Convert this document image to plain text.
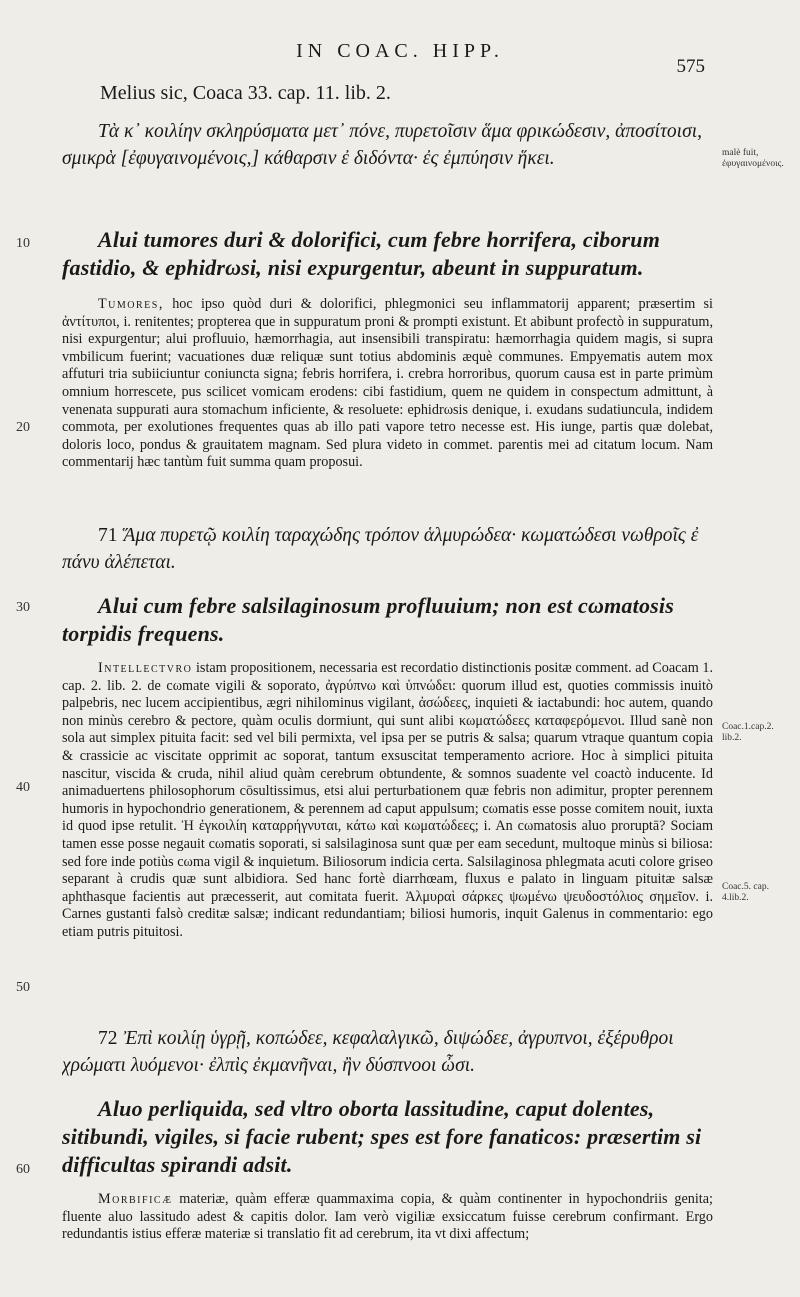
IN COAC. HIPP.
575
10
20
30
40
50
60
Melius sic, Coaca 33. cap. 11. lib. 2.

Τὰ κ᾽ κοιλίην σκληρύσματα μετ᾽ πόνε, πυρετοῖσιν ἅμα φρικώδεσιν, ἀποσίτοισι, σμικρὰ [ἐφυγαινομένοις,] κάθαρσιν ἐ διδόντα· ἐς ἐμπύησιν ἥκει.

Alui tumores duri & dolorifici, cum febre horrifera, ciborum fastidio, & ephidrωsi, nisi expurgentur, abeunt in suppuratum.

Tumores, hoc ipso quòd duri & dolorifici, phlegmonici seu inflammatorij apparent; præsertim si ἀντίτυποι, i. renitentes; propterea que in suppuratum proni & prompti existunt. Et abibunt profectò in suppuratum, nisi expurgentur; alui profluuio, hæmorrhagia, aut insensibili transpiratu: hæmorrhagia quidem magis, si supra vmbilicum fuerint; vacuationes duæ reliquæ sunt totius abdominis æquè communes. Empyematis autem mox affuturi tria subiiciuntur coniuncta signa; febris horrifera, i. crebra horroribus, quorum causa est in parte primùm omnium horrescete, pus scilicet vomicam erodens: cibi fastidium, quem ne quidem in conspectum admittunt, à venenata suppurati aura stomachum inficiente, & resoluete: ephidrωsis denique, i. exudans sudatiuncula, indidem commota, per exolutiones frequentes quas ab illo pati vapore tetro necesse est. His iunge, partis quæ dolebat, doloris loco, pondus & grauitatem magnam. Sed plura videto in commet. parentis mei ad citatum locum. Nam commentarij hæc tantùm fuit summa quam proposui.

71 Ἅμα πυρετῷ κοιλίη ταραχώδης τρόπον ἁλμυρώδεα· κωματώδεσι νωθροῖς ἐ πάνυ ἀλέπεται.

Alui cum febre salsilaginosum profluuium; non est cωmatosis torpidis frequens.

Intellectvro istam propositionem, necessaria est recordatio distinctionis positæ comment. ad Coacam 1. cap. 2. lib. 2. de cωmate vigili & soporato, ἀγρύπνω καὶ ὑπνώδει: quorum illud est, quoties commissis inuitò palpebris, nec lucem accipientibus, ægri nihilominus vigilant, ἀσώδεες, inquieti & iactabundi: hoc autem, quando non minùs cerebro & pectore, quàm oculis dormiunt, qui sunt alibi κωματώδεες καταφερόμενοι. Illud sanè non sola aut simplex pituita facit: sed vel bili permixta, vel ipsa per se putris & salsa; quarum vtraque quantum copia & crassicie ac viscitate opprimit ac soporat, tantum exsuscitat temperamento acriore. Hoc à simplici pituita nascitur, viscida & cruda, nihil aliud quàm cerebrum obtundente, & somnos suadente vel coactò inducente. Id animaduertens philosophorum cōsultissimus, etsi alui perturbationem quæ febris non adimitur, propter perennem humoris in hypochondrio generationem, & perennem ad caput appulsum; cωmatis esse posse comitem nouit, iuxta id quod ipse retulit. Ἠ ἐγκοιλίη καταρρήγνυται, κάτω καὶ κωματώδεες; i. An cωmatosis aluo proruptā? Sociam tamen esse posse negauit cωmatis soporati, si salsilaginosa sunt quæ per eam secedunt, multoque minùs si biliosa: sed fore inde potiùs cωma vigil & inquietum. Biliosorum indicia certa. Salsilaginosa phlegmata acuti colore griseo separant à crudis quæ sunt albidiora. Sed hanc fortè diarrhœam, fluxus e palato in linguam pituitæ salsæ aphthasque facientis aut præcesserit, aut comitata fuerit. Ἀλμυραὶ σάρκες ψωμένω ψευδοστόλιος σημεῖον. i. Carnes gustanti falsò creditæ salsæ; indicant redundantiam; biliosi humoris, inquit Galenus in commentario: ego etiam putris pituitosi.

72 Ἐπὶ κοιλίῃ ὑγρῇ, κοπώδεε, κεφαλαλγικῶ, διψώδεε, ἀγρυπνοι, ἐξέρυθροι χρώματι λυόμενοι· ἐλπὶς ἐκμανῆναι, ἢν δύσπνοοι ὦσι.

Aluo perliquida, sed vltro oborta lassitudine, caput dolentes, sitibundi, vigiles, si facie rubent; spes est fore fanaticos: præsertim si difficultas spirandi adsit.

Morbificæ materiæ, quàm efferæ quammaxima copia, & quàm continenter in hypochondriis genita; fluente aluo lassitudo adest & capitis dolor. Iam verò vigiliæ exsiccatum fuisse cerebrum confirmant. Ergo redundantis istius efferæ materiæ si translatio fit ad cerebrum, ita vt dixi affectum;

malè fuit, ἐφυγαινομένοις.
Coac.1.cap.2. lib.2.
Coac.5. cap. 4.lib.2.
